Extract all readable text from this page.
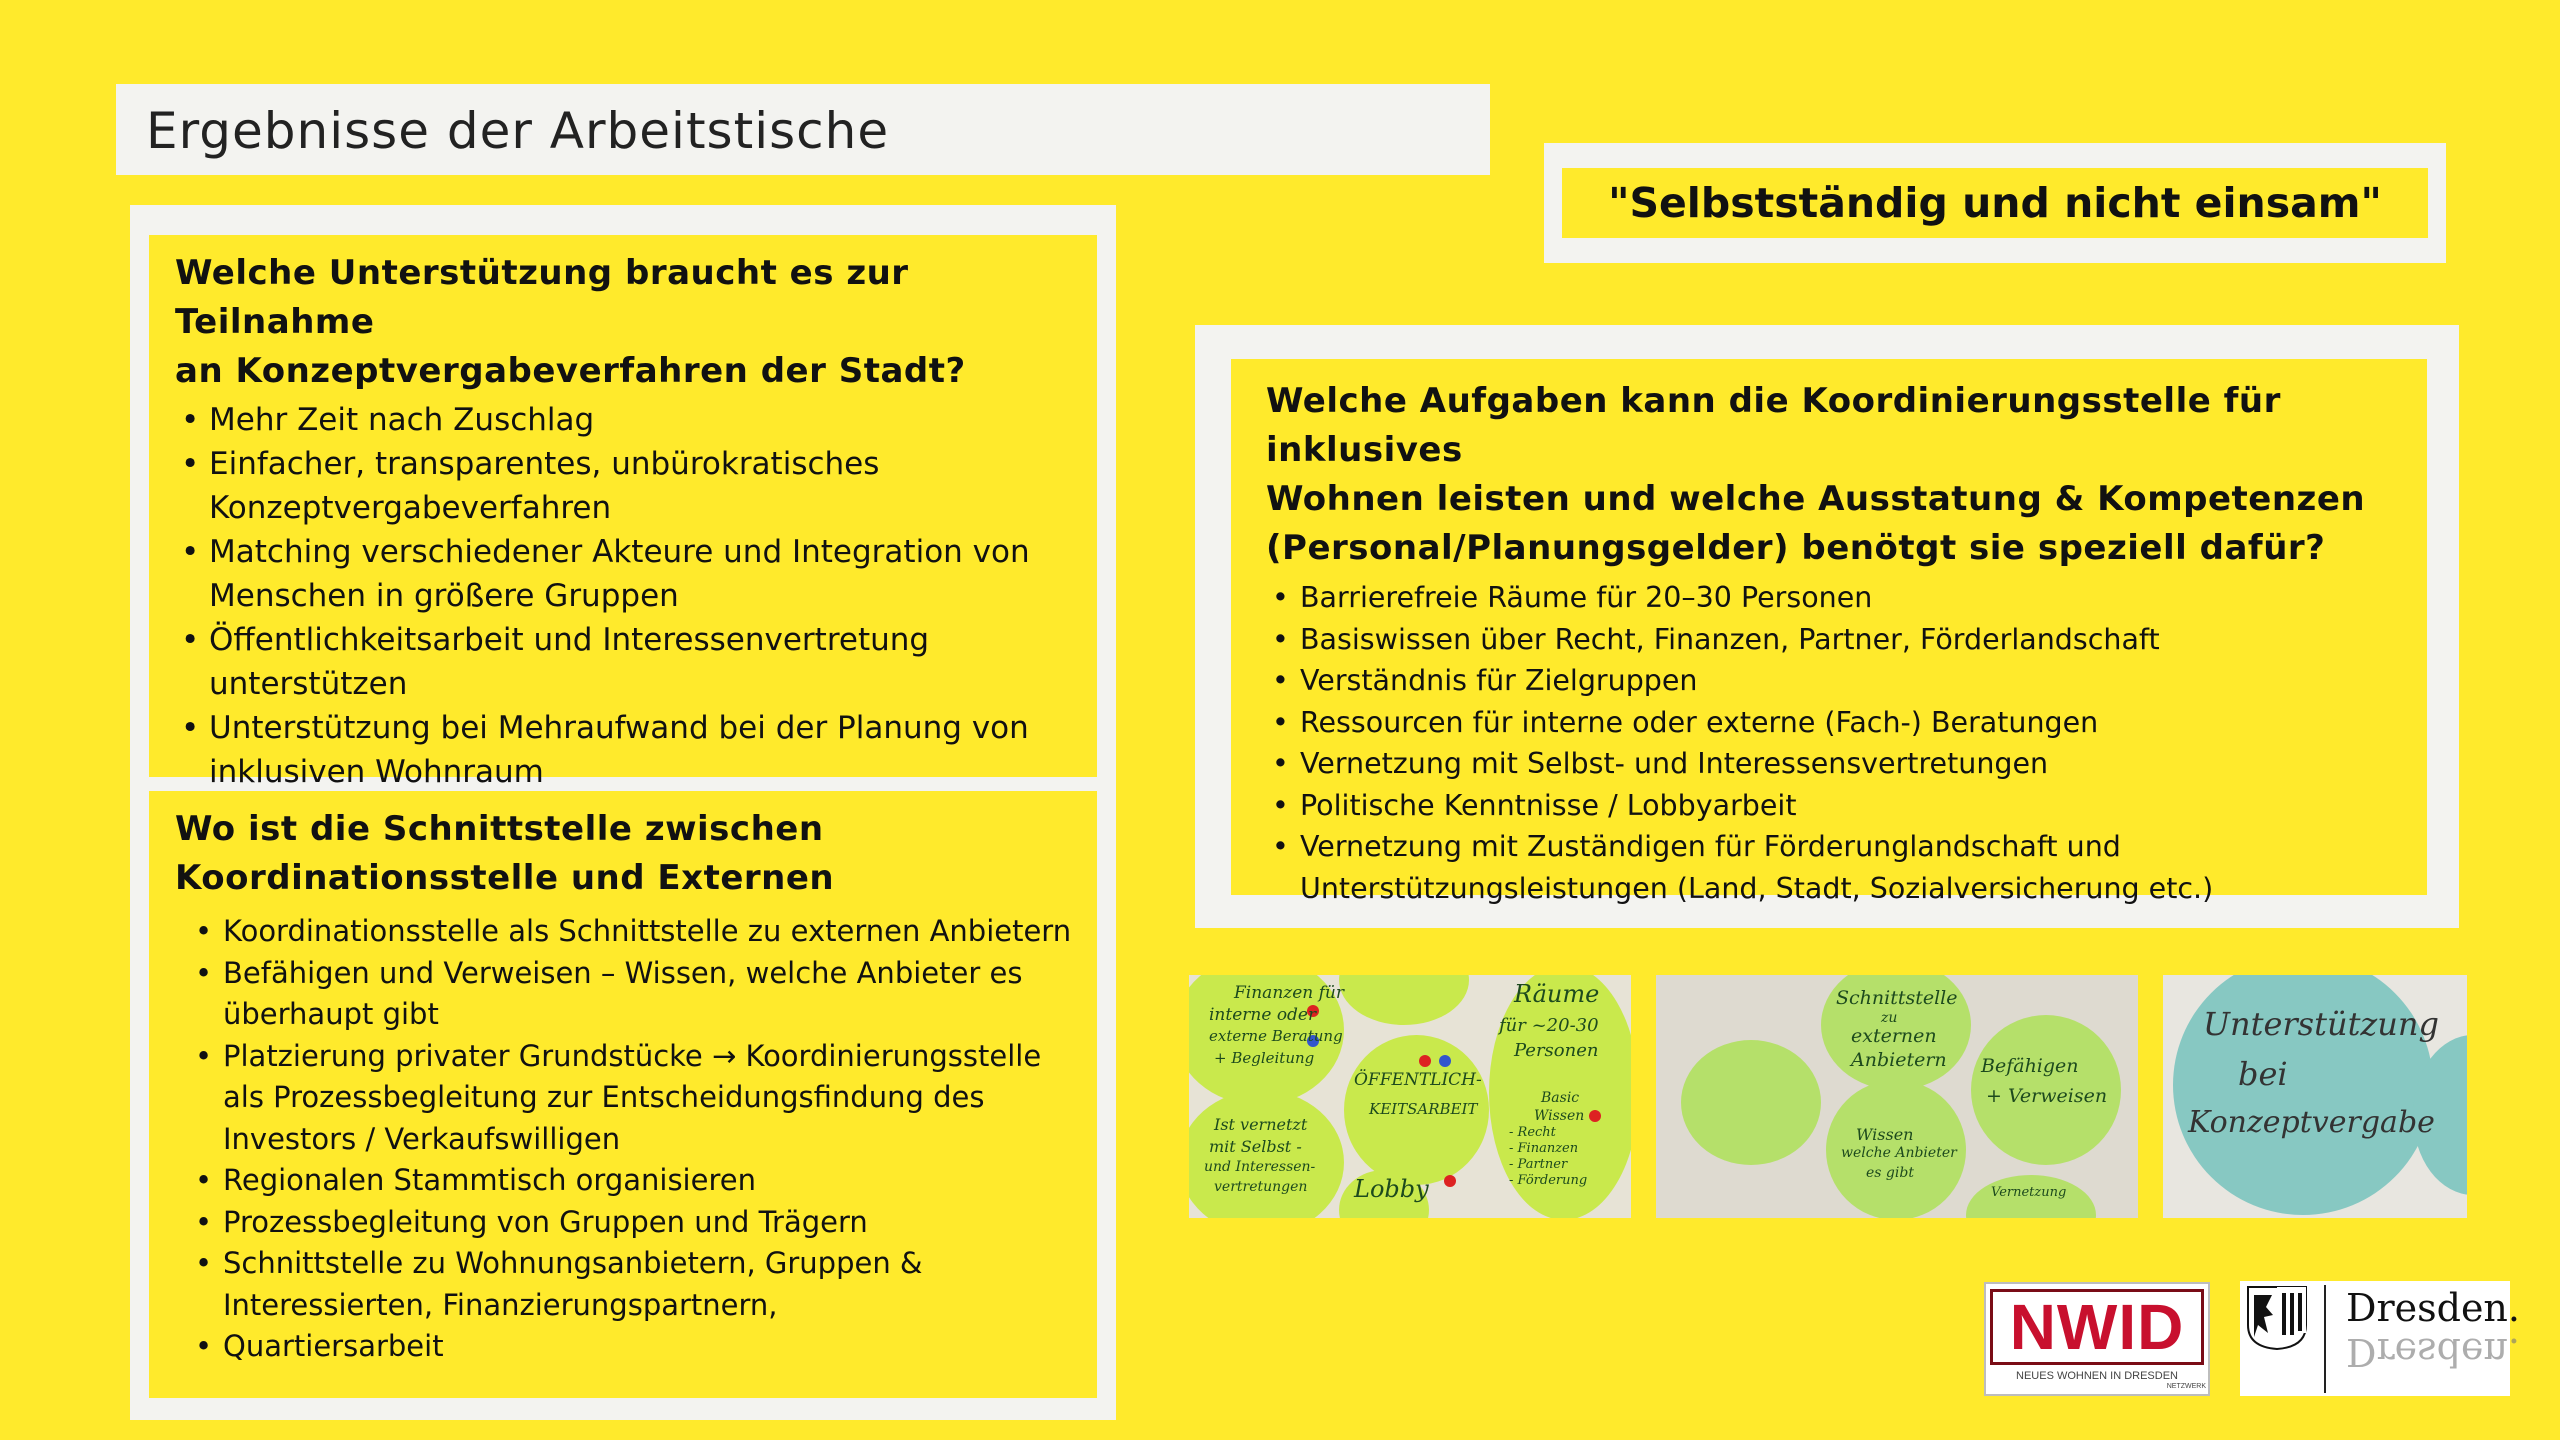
Ergebnisse der Arbeitstische
"Selbstständig und nicht einsam"
Welche Unterstützung braucht es zur Teilnahme
an Konzeptvergabeverfahren der Stadt?
• Mehr Zeit nach Zuschlag
• Einfacher, transparentes, unbürokratisches
Konzeptvergabeverfahren
• Matching verschiedener Akteure und Integration von
Menschen in größere Gruppen
• Öffentlichkeitsarbeit und Interessenvertretung
unterstützen
• Unterstützung bei Mehraufwand bei der Planung von
inklusiven Wohnraum
Wo ist die Schnittstelle zwischen
Koordinationsstelle und Externen
• Koordinationsstelle als Schnittstelle zu externen Anbietern
• Befähigen und Verweisen – Wissen, welche Anbieter es
überhaupt gibt
• Platzierung privater Grundstücke → Koordinierungsstelle
als Prozessbegleitung zur Entscheidungsfindung des
Investors / Verkaufswilligen
• Regionalen Stammtisch organisieren
• Prozessbegleitung von Gruppen und Trägern
• Schnittstelle zu Wohnungsanbietern, Gruppen &
Interessierten, Finanzierungspartnern,
• Quartiersarbeit
Welche Aufgaben kann die Koordinierungsstelle für inklusives
Wohnen leisten und welche Ausstatung & Kompetenzen
(Personal/Planungsgelder) benötgt sie speziell dafür?
• Barrierefreie Räume für 20–30 Personen
• Basiswissen über Recht, Finanzen, Partner, Förderlandschaft
• Verständnis für Zielgruppen
• Ressourcen für interne oder externe (Fach-) Beratungen
• Vernetzung mit Selbst- und Interessensvertretungen
• Politische Kenntnisse / Lobbyarbeit
• Vernetzung mit Zuständigen für Förderunglandschaft und
Unterstützungsleistungen (Land, Stadt, Sozialversicherung etc.)
Finanzen für
interne oder
externe Beratung
+ Begleitung
ÖFFENTLICH-
KEITSARBEIT
Räume
für ~20-30
Personen
Basic
Wissen
- Recht
- Finanzen
- Partner
- Förderung
Ist vernetzt
mit Selbst -
und Interessen-
vertretungen Lobby
Schnittstelle
zu
externen
Anbietern Befähigen
+ Verweisen
Wissen
welche Anbieter
es gibt
Vernetzung
Unterstützung
bei
Konzeptvergabe
NWID
NEUES WOHNEN IN DRESDEN
NETZWERK
Dresden.
Dresden.
